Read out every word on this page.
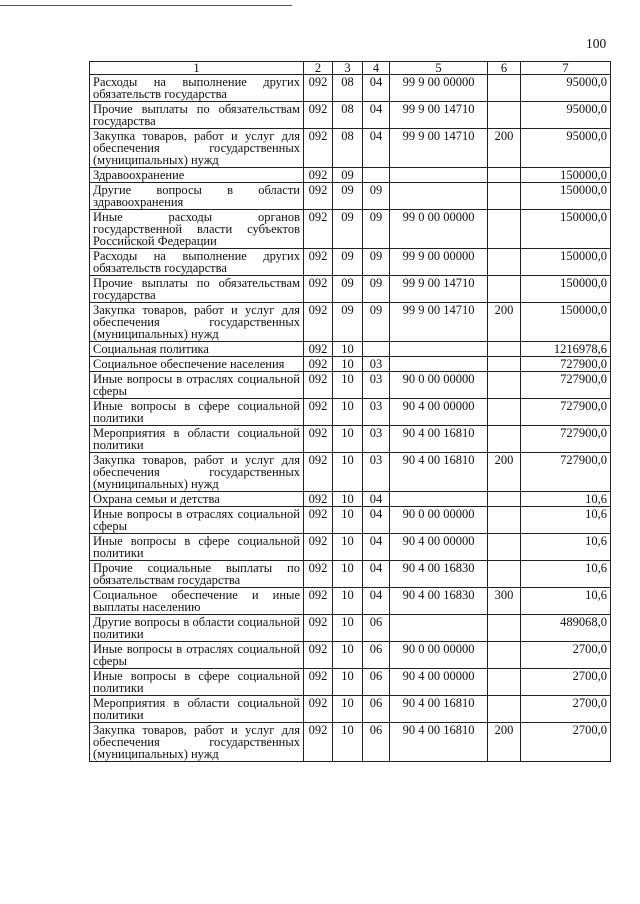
100
1	2	3	4	5	6	7
Расходы на выполнение других обязательств государства	092	08	04	99 9 00 00000		95000,0
Прочие выплаты по обязательствам государства	092	08	04	99 9 00 14710		95000,0
Закупка товаров, работ и услуг для обеспечения государственных (муниципальных) нужд	092	08	04	99 9 00 14710	200	95000,0
Здравоохранение	092	09				150000,0
Другие вопросы в области здравоохранения	092	09	09			150000,0
Иные расходы органов государственной власти субъектов Российской Федерации	092	09	09	99 0 00 00000		150000,0
Расходы на выполнение других обязательств государства	092	09	09	99 9 00 00000		150000,0
Прочие выплаты по обязательствам государства	092	09	09	99 9 00 14710		150000,0
Закупка товаров, работ и услуг для обеспечения государственных (муниципальных) нужд	092	09	09	99 9 00 14710	200	150000,0
Социальная политика	092	10				1216978,6
Социальное обеспечение населения	092	10	03			727900,0
Иные вопросы в отраслях социальной сферы	092	10	03	90 0 00 00000		727900,0
Иные вопросы в сфере социальной политики	092	10	03	90 4 00 00000		727900,0
Мероприятия в области социальной политики	092	10	03	90 4 00 16810		727900,0
Закупка товаров, работ и услуг для обеспечения государственных (муниципальных) нужд	092	10	03	90 4 00 16810	200	727900,0
Охрана семьи и детства	092	10	04			10,6
Иные вопросы в отраслях социальной сферы	092	10	04	90 0 00 00000		10,6
Иные вопросы в сфере социальной политики	092	10	04	90 4 00 00000		10,6
Прочие социальные выплаты по обязательствам государства	092	10	04	90 4 00 16830		10,6
Социальное обеспечение и иные выплаты населению	092	10	04	90 4 00 16830	300	10,6
Другие вопросы в области социальной политики	092	10	06			489068,0
Иные вопросы в отраслях социальной сферы	092	10	06	90 0 00 00000		2700,0
Иные вопросы в сфере социальной политики	092	10	06	90 4 00 00000		2700,0
Мероприятия в области социальной политики	092	10	06	90 4 00 16810		2700,0
Закупка товаров, работ и услуг для обеспечения государственных (муниципальных) нужд	092	10	06	90 4 00 16810	200	2700,0
